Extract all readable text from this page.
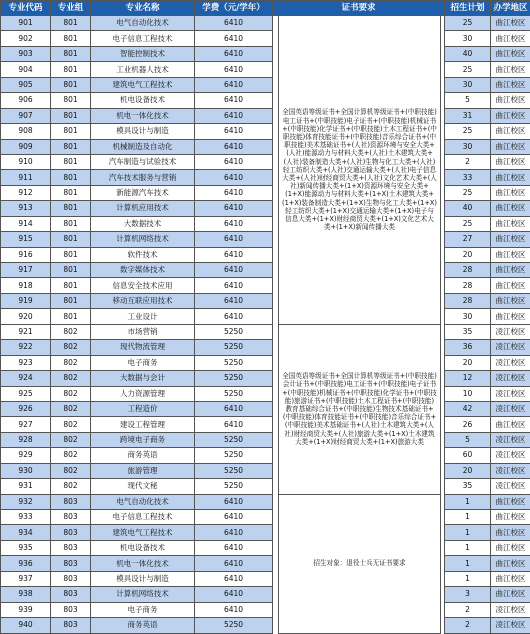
专业代码	专业组	专业名称	学费（元/学年）	证书要求			招生计划	办学地区
901	801	电气自动化技术	6410		全国英语等级证书+全国计算机等级证书+(中职技能)电工证书+(中职技能)电子证书+(中职技能)机械证书+(中职技能)化学证书+(中职技能)土木工程证书+(中职技能)体育技能证书+(中职技能)音乐综合证书+(中职技能)美术基础证书+(人社)资源环境与安全大类+(人社)能源动力与材料大类+(人社)土木建筑大类+(人社)装备制造大类+(人社)生物与化工大类+(人社)轻工纺织大类+(人社)交通运输大类+(人社)电子信息大类+(人社)财经商贸大类+(人社)文化艺术大类+(人社)新闻传播大类+(1+X)资源环境与安全大类+(1+X)能源动力与材料大类+(1+X)土木建筑大类+(1+X)装备制造大类+(1+X)生物与化工大类+(1+X)轻工纺织大类+(1+X)交通运输大类+(1+X)电子与信息大类+(1+X)财经商贸大类+(1+X)文化艺术大类+(1+X)新闻传播大类		25	曲江校区
902	801	电子信息工程技术	6410				30	曲江校区
903	801	智能控制技术	6410				40	曲江校区
904	801	工业机器人技术	6410				25	曲江校区
905	801	建筑电气工程技术	6410				30	曲江校区
906	801	机电设备技术	6410				5	曲江校区
907	801	机电一体化技术	6410				31	曲江校区
908	801	模具设计与制造	6410				25	曲江校区
909	801	机械制造及自动化	6410				30	曲江校区
910	801	汽车制造与试验技术	6410				2	曲江校区
911	801	汽车技术服务与营销	6410				33	曲江校区
912	801	新能源汽车技术	6410				25	曲江校区
913	801	计算机应用技术	6410				40	曲江校区
914	801	大数据技术	6410				25	曲江校区
915	801	计算机网络技术	6410				27	曲江校区
916	801	软件技术	6410				20	曲江校区
917	801	数字媒体技术	6410				28	曲江校区
918	801	信息安全技术应用	6410				28	曲江校区
919	801	移动互联应用技术	6410				28	曲江校区
920	801	工业设计	6410				30	曲江校区
921	802	市场营销	5250		全国英语等级证书+全国计算机等级证书+(中职技能)会计证书+(中职技能)电工证书+(中职技能)电子证书+(中职技能)机械证书+(中职技能)化学证书+(中职技能)旅游证书+(中职技能)土木工程证书+(中职技能)教育基础综合证书+(中职技能)生物技术基础证书+(中职技能)体育技能证书+(中职技能)音乐综合证书+(中职技能)美术基础证书+(人社)土木建筑大类+(人社)财经商贸大类+(人社)旅游大类+(1+X)土木建筑大类+(1+X)财经商贸大类+(1+X)旅游大类		35	凌江校区
922	802	现代物流管理	5250				36	凌江校区
923	802	电子商务	5250				20	凌江校区
924	802	大数据与会计	5250				12	凌江校区
925	802	人力资源管理	5250				10	凌江校区
926	802	工程造价	6410				42	凌江校区
927	802	建设工程管理	6410				26	曲江校区
928	802	跨境电子商务	5250				5	凌江校区
929	802	商务英语	5250				60	凌江校区
930	802	旅游管理	5250				20	凌江校区
931	802	现代文秘	5250				35	凌江校区
932	803	电气自动化技术	6410		招生对象：退役士兵无证书要求		1	曲江校区
933	803	电子信息工程技术	6410				1	曲江校区
934	803	建筑电气工程技术	6410				1	曲江校区
935	803	机电设备技术	6410				1	曲江校区
936	803	机电一体化技术	6410				1	曲江校区
937	803	模具设计与制造	6410				1	曲江校区
938	803	计算机网络技术	6410				3	曲江校区
939	803	电子商务	6410				2	凌江校区
940	803	商务英语	5250				2	凌江校区
